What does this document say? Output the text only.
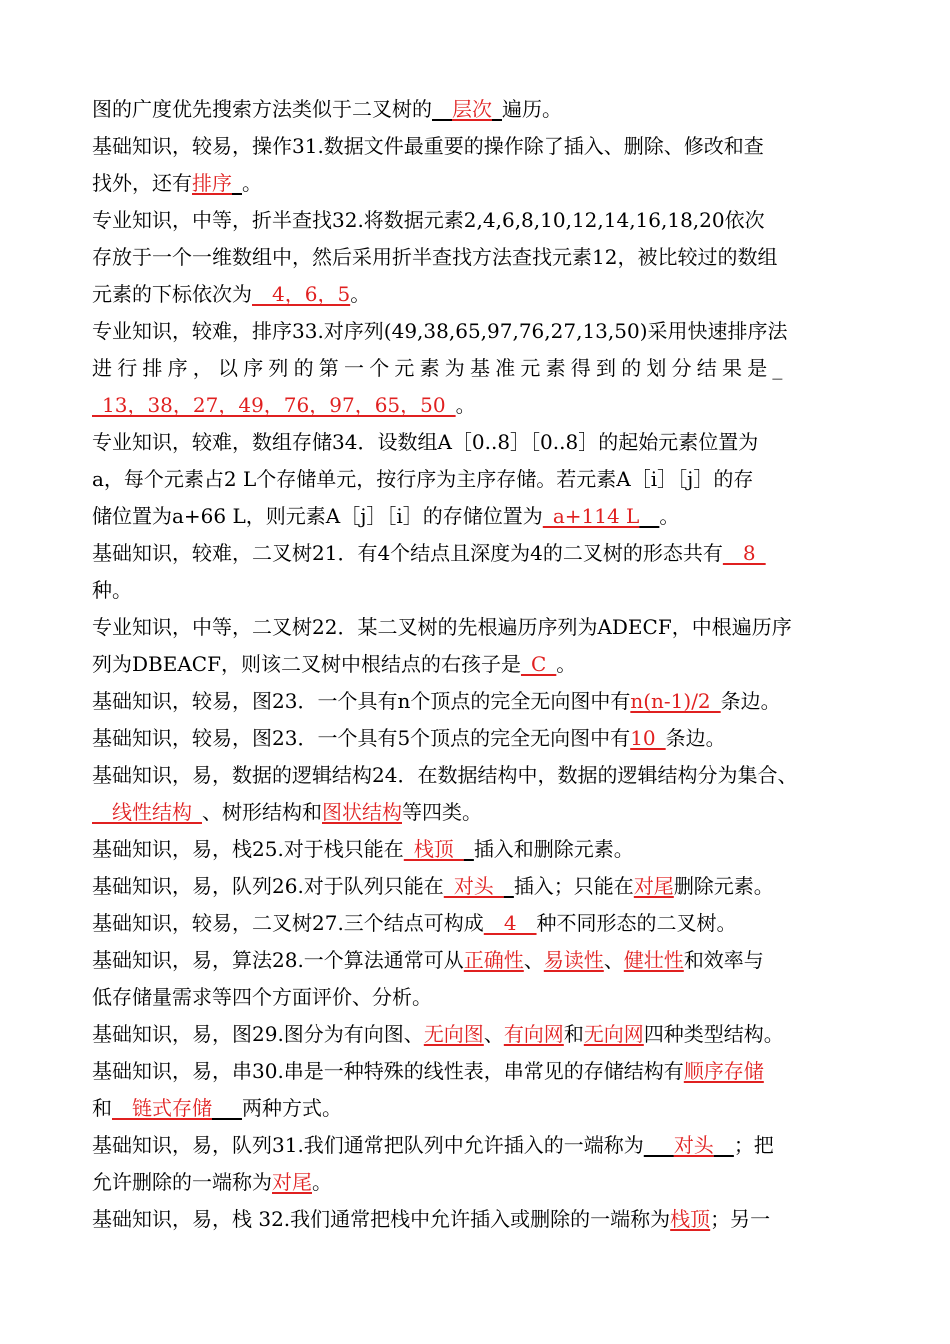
图的广度优先搜索方法类似于二叉树的__层次_遍历。
基础知识，较易，操作31.数据文件最重要的操作除了插入、删除、修改和查
找外，还有排序_。
专业知识，中等，折半查找32.将数据元素2,4,6,8,10,12,14,16,18,20依次
存放于一个一维数组中，然后采用折半查找方法查找元素12，被比较过的数组
元素的下标依次为__4，6，5。
专业知识，较难，排序33.对序列(49,38,65,97,76,27,13,50)采用快速排序法
进行排序，以序列的第一个元素为基准元素得到的划分结果是_
_13，38，27，49，76，97，65，50_。
专业知识，较难，数组存储34．设数组A［0..8］［0..8］的起始元素位置为
a，每个元素占2 L个存储单元，按行序为主序存储。若元素A［i］［j］的存
储位置为a+66 L，则元素A［j］［i］的存储位置为_a+114 L__。
基础知识，较难，二叉树21．有4个结点且深度为4的二叉树的形态共有__8_
种。
专业知识，中等，二叉树22．某二叉树的先根遍历序列为ADECF，中根遍历序
列为DBEACF，则该二叉树中根结点的右孩子是_C_。
基础知识，较易，图23．一个具有n个顶点的完全无向图中有n(n-1)/2_条边。
基础知识，较易，图23．一个具有5个顶点的完全无向图中有10_条边。
基础知识，易，数据的逻辑结构24．在数据结构中，数据的逻辑结构分为集合、
__线性结构_、树形结构和图状结构等四类。
基础知识，易，栈25.对于栈只能在_栈顶__插入和删除元素。
基础知识，易，队列26.对于队列只能在_对头__插入；只能在对尾删除元素。
基础知识，较易，二叉树27.三个结点可构成__4__种不同形态的二叉树。
基础知识，易，算法28.一个算法通常可从正确性、易读性、健壮性和效率与
低存储量需求等四个方面评价、分析。
基础知识，易，图29.图分为有向图、无向图、有向网和无向网四种类型结构。
基础知识，易，串30.串是一种特殊的线性表，串常见的存储结构有顺序存储
和__链式存储___两种方式。
基础知识，易，队列31.我们通常把队列中允许插入的一端称为___对头__；把
允许删除的一端称为对尾。
基础知识，易，栈 32.我们通常把栈中允许插入或删除的一端称为栈顶；另一
